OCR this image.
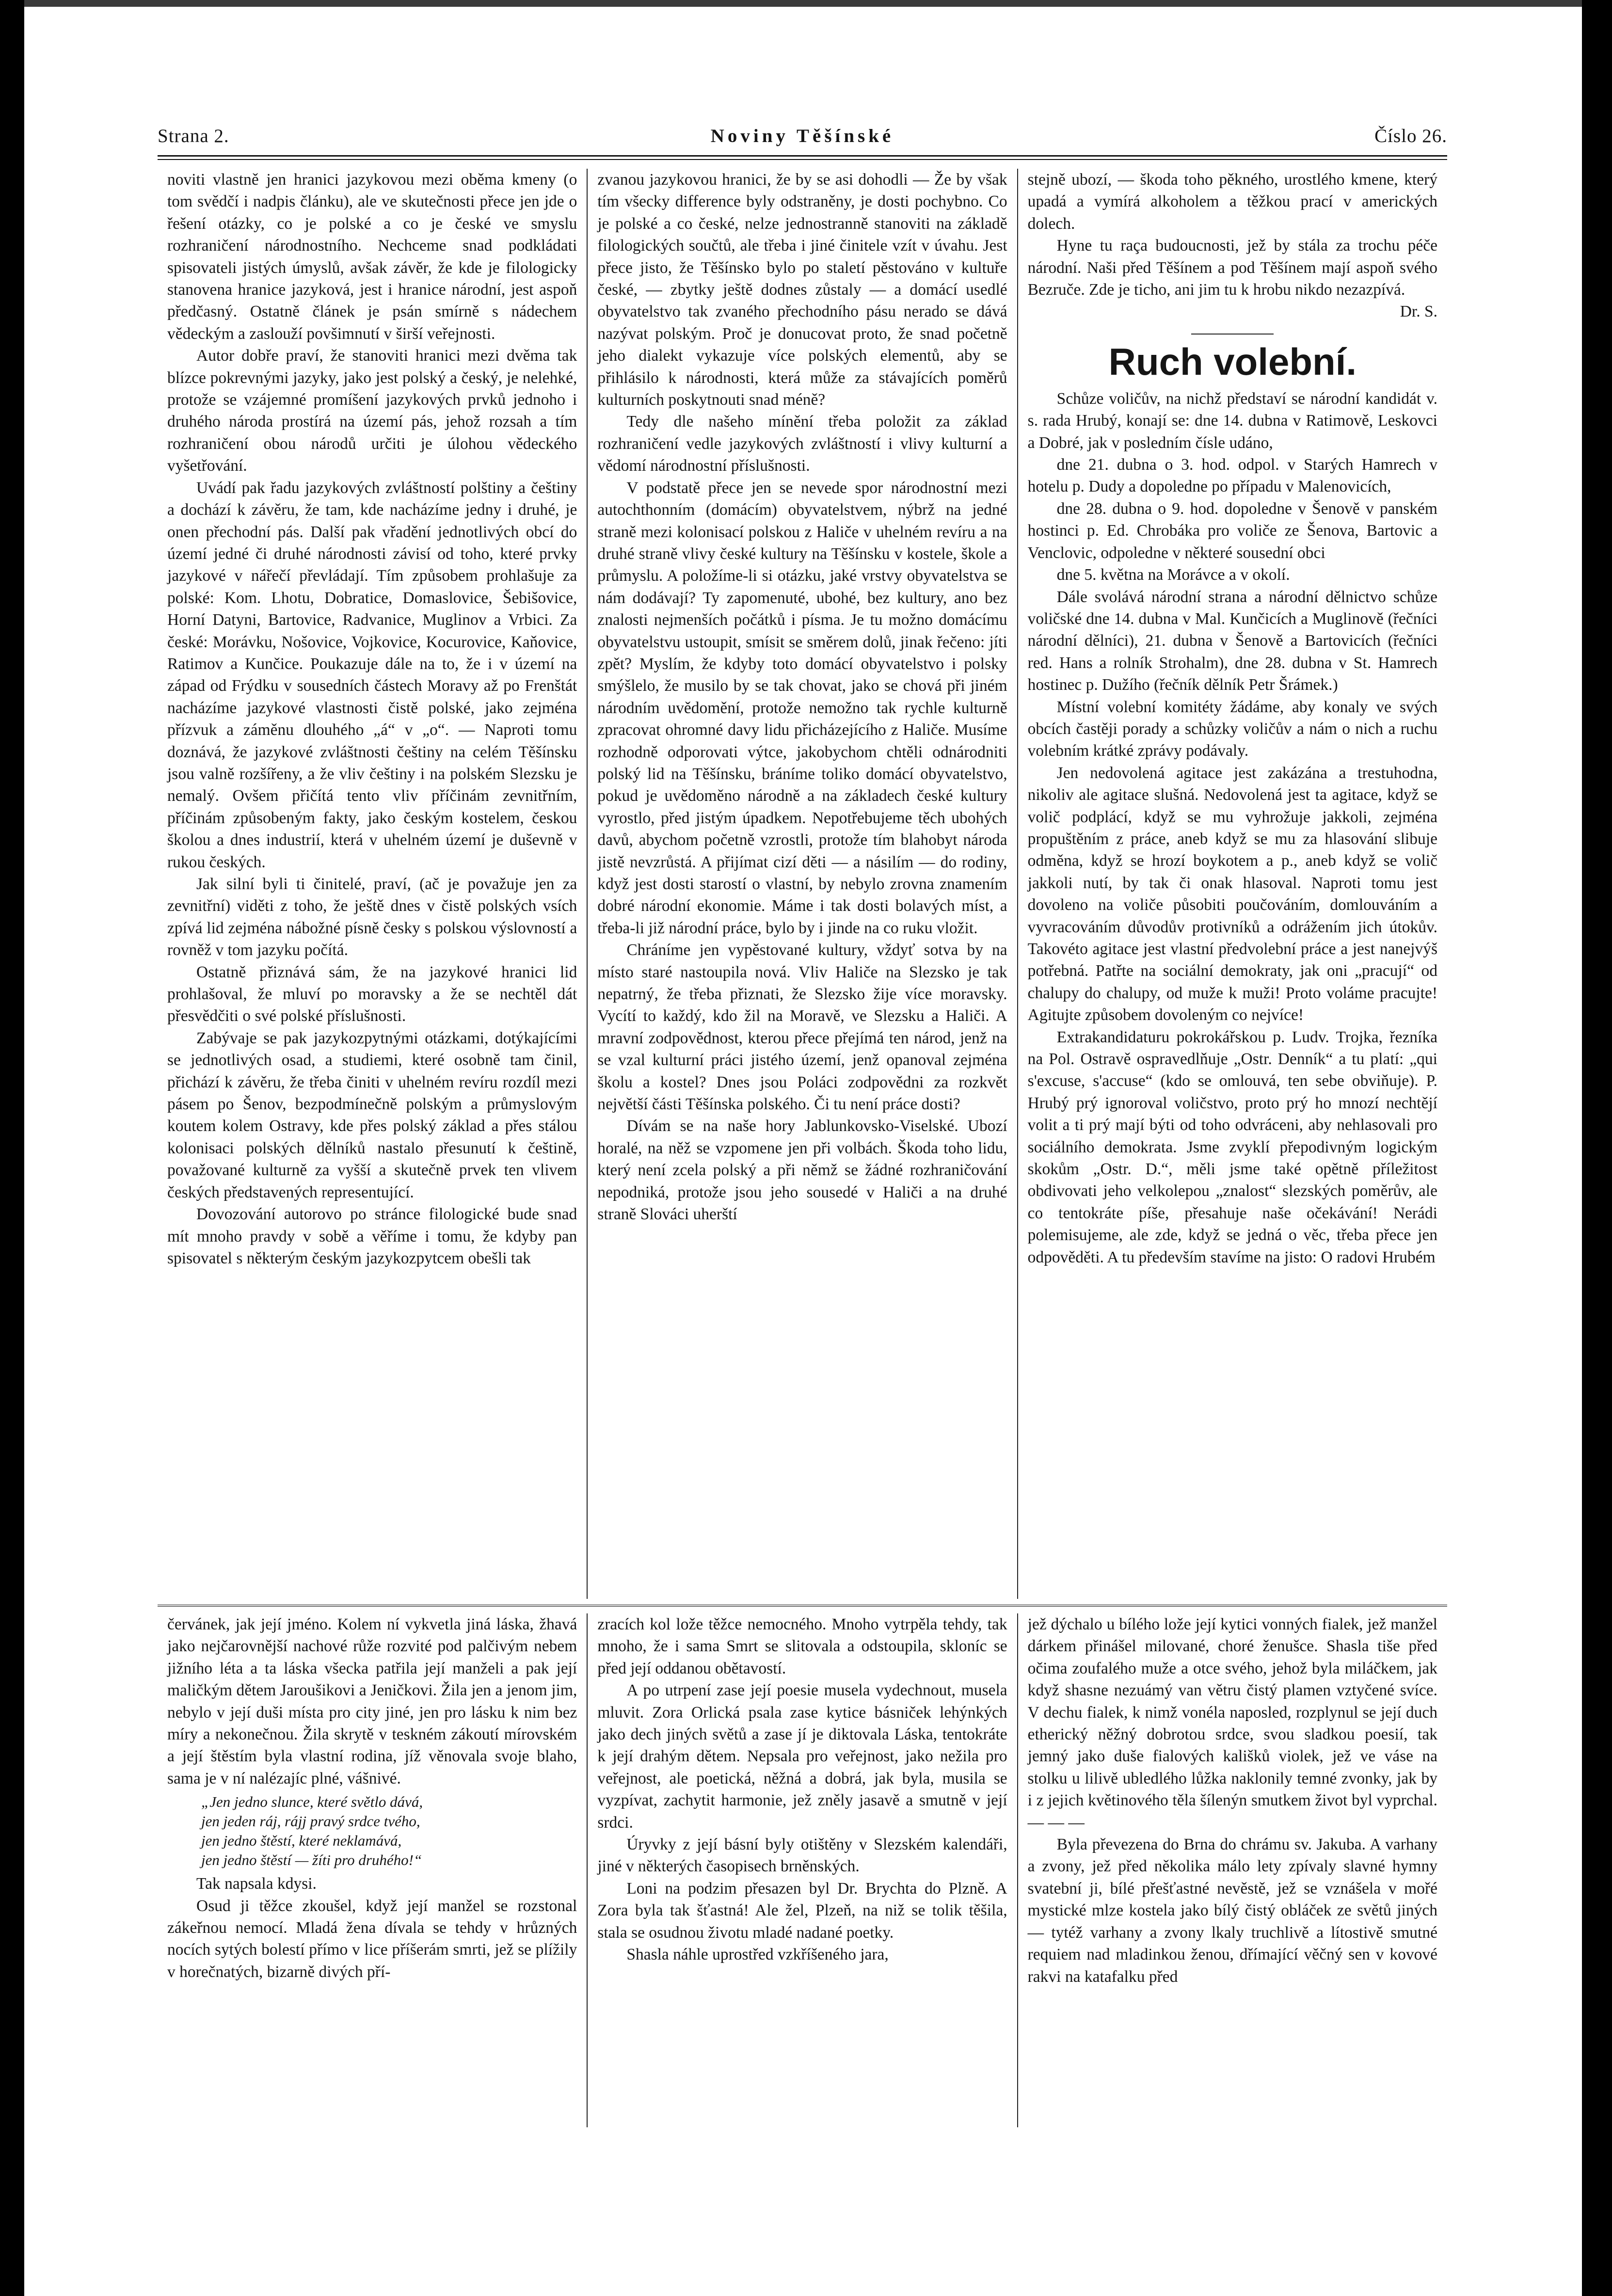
Strana 2.	Noviny Těšínské	Číslo 26.

noviti vlastně jen hranici jazykovou mezi oběma kmeny (o tom svědčí i nadpis článku), ale ve skutečnosti přece jen jde o řešení otázky, co je polské a co je české ve smyslu rozhraničení národnostního. Nechceme snad podkládati spisovateli jistých úmyslů, avšak závěr, že kde je filologicky stanovena hranice jazyková, jest i hranice národní, jest aspoň předčasný. Ostatně článek je psán smírně s nádechem vědeckým a zaslouží povšimnutí v širší veřejnosti.

Autor dobře praví, že stanoviti hranici mezi dvěma tak blízce pokrevnými jazyky, jako jest polský a český, je nelehké, protože se vzájemné promíšení jazykových prvků jednoho i druhého národa prostírá na území pás, jehož rozsah a tím rozhraničení obou národů určiti je úlohou vědeckého vyšetřování.

Uvádí pak řadu jazykových zvláštností polštiny a češtiny a dochází k závěru, že tam, kde nacházíme jedny i druhé, je onen přechodní pás. Další pak vřadění jednotlivých obcí do území jedné či druhé národnosti závisí od toho, které prvky jazykové v nářečí převládají. Tím způsobem prohlašuje za polské: Kom. Lhotu, Dobratice, Domaslovice, Šebišovice, Horní Datyni, Bartovice, Radvanice, Muglinov a Vrbici. Za české: Morávku, Nošovice, Vojkovice, Kocurovice, Kaňovice, Ratimov a Kunčice. Poukazuje dále na to, že i v území na západ od Frýdku v sousedních částech Moravy až po Frenštát nacházíme jazykové vlastnosti čistě polské, jako zejména přízvuk a záměnu dlouhého „á“ v „o“. — Naproti tomu doznává, že jazykové zvláštnosti češtiny na celém Těšínsku jsou valně rozšířeny, a že vliv češtiny i na polském Slezsku je nemalý. Ovšem přičítá tento vliv příčinám zevnitřním, příčinám způsobeným fakty, jako českým kostelem, českou školou a dnes industrií, která v uhelném území je duševně v rukou českých.

Jak silní byli ti činitelé, praví, (ač je považuje jen za zevnitřní) viděti z toho, že ještě dnes v čistě polských vsích zpívá lid zejména nábožné písně česky s polskou výslovností a rovněž v tom jazyku počítá.

Ostatně přiznává sám, že na jazykové hranici lid prohlašoval, že mluví po moravsky a že se nechtěl dát přesvědčiti o své polské příslušnosti.

Zabývaje se pak jazykozpytnými otázkami, dotýkajícími se jednotlivých osad, a studiemi, které osobně tam činil, přichází k závěru, že třeba činiti v uhelném revíru rozdíl mezi pásem po Šenov, bezpodmínečně polským a průmyslovým koutem kolem Ostravy, kde přes polský základ a přes stálou kolonisaci polských dělníků nastalo přesunutí k češtině, považované kulturně za vyšší a skutečně prvek ten vlivem českých představených representující.

Dovozování autorovo po stránce filologické bude snad mít mnoho pravdy v sobě a věříme i tomu, že kdyby pan spisovatel s některým českým jazykozpytcem obešli tak

zvanou jazykovou hranici, že by se asi dohodli — Že by však tím všecky difference byly odstraněny, je dosti pochybno. Co je polské a co české, nelze jednostranně stanoviti na základě filologických součtů, ale třeba i jiné činitele vzít v úvahu. Jest přece jisto, že Těšínsko bylo po staletí pěstováno v kultuře české, — zbytky ještě dodnes zůstaly — a domácí usedlé obyvatelstvo tak zvaného přechodního pásu nerado se dává nazývat polským. Proč je donucovat proto, že snad početně jeho dialekt vykazuje více polských elementů, aby se přihlásilo k národnosti, která může za stávajících poměrů kulturních poskytnouti snad méně?

Tedy dle našeho mínění třeba položit za základ rozhraničení vedle jazykových zvláštností i vlivy kulturní a vědomí národnostní příslušnosti.

V podstatě přece jen se nevede spor národnostní mezi autochthonním (domácím) obyvatelstvem, nýbrž na jedné straně mezi kolonisací polskou z Haliče v uhelném revíru a na druhé straně vlivy české kultury na Těšínsku v kostele, škole a průmyslu. A položíme-li si otázku, jaké vrstvy obyvatelstva se nám dodávají? Ty zapomenuté, ubohé, bez kultury, ano bez znalosti nejmenších počátků i písma. Je tu možno domácímu obyvatelstvu ustoupit, smísit se směrem dolů, jinak řečeno: jíti zpět? Myslím, že kdyby toto domácí obyvatelstvo i polsky smýšlelo, že musilo by se tak chovat, jako se chová při jiném národním uvědomění, protože nemožno tak rychle kulturně zpracovat ohromné davy lidu přicházejícího z Haliče. Musíme rozhodně odporovati výtce, jakobychom chtěli odnárodniti polský lid na Těšínsku, bráníme toliko domácí obyvatelstvo, pokud je uvědoměno národně a na základech české kultury vyrostlo, před jistým úpadkem. Nepotřebujeme těch ubohých davů, abychom početně vzrostli, protože tím blahobyt národa jistě nevzrůstá. A přijímat cizí děti — a násilím — do rodiny, když jest dosti starostí o vlastní, by nebylo zrovna znamením dobré národní ekonomie. Máme i tak dosti bolavých míst, a třeba-li již národní práce, bylo by i jinde na co ruku vložit.

Chráníme jen vypěstované kultury, vždyť sotva by na místo staré nastoupila nová. Vliv Haliče na Slezsko je tak nepatrný, že třeba přiznati, že Slezsko žije více moravsky. Vycítí to každý, kdo žil na Moravě, ve Slezsku a Haliči. A mravní zodpovědnost, kterou přece přejímá ten národ, jenž na se vzal kulturní práci jistého území, jenž opanoval zejména školu a kostel? Dnes jsou Poláci zodpovědni za rozkvět největší části Těšínska polského. Či tu není práce dosti?

Dívám se na naše hory Jablunkovsko-Viselské. Ubozí horalé, na něž se vzpomene jen při volbách. Škoda toho lidu, který není zcela polský a při němž se žádné rozhraničování nepodniká, protože jsou jeho sousedé v Haliči a na druhé straně Slováci uherští

stejně ubozí, — škoda toho pěkného, urostlého kmene, který upadá a vymírá alkoholem a těžkou prací v amerických dolech.

Hyne tu raça budoucnosti, jež by stála za trochu péče národní. Naši před Těšínem a pod Těšínem mají aspoň svého Bezruče. Zde je ticho, ani jim tu k hrobu nikdo nezazpívá.

Dr. S.
Ruch volební.

Schůze voličův, na nichž představí se národní kandidát v. s. rada Hrubý, konají se: dne 14. dubna v Ratimově, Leskovci a Dobré, jak v posledním čísle udáno,

dne 21. dubna o 3. hod. odpol. v Starých Hamrech v hotelu p. Dudy a dopoledne po případu v Malenovicích,

dne 28. dubna o 9. hod. dopoledne v Šenově v panském hostinci p. Ed. Chrobáka pro voliče ze Šenova, Bartovic a Venclovic, odpoledne v některé sousední obci

dne 5. května na Morávce a v okolí.

Dále svolává národní strana a národní dělnictvo schůze voličské dne 14. dubna v Mal. Kunčicích a Muglinově (řečníci národní dělníci), 21. dubna v Šenově a Bartovicích (řečníci red. Hans a rolník Strohalm), dne 28. dubna v St. Hamrech hostinec p. Dužího (řečník dělník Petr Šrámek.)

Místní volební komitéty žádáme, aby konaly ve svých obcích častěji porady a schůzky voličův a nám o nich a ruchu volebním krátké zprávy podávaly.

Jen nedovolená agitace jest zakázána a trestuhodna, nikoliv ale agitace slušná. Nedovolená jest ta agitace, když se volič podplácí, když se mu vyhrožuje jakkoli, zejména propuštěním z práce, aneb když se mu za hlasování slibuje odměna, když se hrozí boykotem a p., aneb když se volič jakkoli nutí, by tak či onak hlasoval. Naproti tomu jest dovoleno na voliče působiti poučováním, domlouváním a vyvracováním důvodův protivníků a odrážením jich útokův. Takovéto agitace jest vlastní předvolební práce a jest nanejvýš potřebná. Patřte na sociální demokraty, jak oni „pracují“ od chalupy do chalupy, od muže k muži! Proto voláme pracujte! Agitujte způsobem dovoleným co nejvíce!

Extrakandidaturu pokrokářskou p. Ludv. Trojka, řezníka na Pol. Ostravě ospravedlňuje „Ostr. Denník“ a tu platí: „qui s'excuse, s'accuse“ (kdo se omlouvá, ten sebe obviňuje). P. Hrubý prý ignoroval voličstvo, proto prý ho mnozí nechtějí volit a ti prý mají býti od toho odvráceni, aby nehlasovali pro sociálního demokrata. Jsme zvyklí přepodivným logickým skokům „Ostr. D.“, měli jsme také opětně příležitost obdivovati jeho velkolepou „znalost“ slezských poměrův, ale co tentokráte píše, přesahuje naše očekávání! Nerádi polemisujeme, ale zde, když se jedná o věc, třeba přece jen odpověděti. A tu především stavíme na jisto: O radovi Hrubém

červánek, jak její jméno. Kolem ní vykvetla jiná láska, žhavá jako nejčarovnější nachové růže rozvité pod palčivým nebem jižního léta a ta láska všecka patřila její manželi a pak její maličkým dětem Jaroušikovi a Jeničkovi. Žila jen a jenom jim, nebylo v její duši místa pro city jiné, jen pro lásku k nim bez míry a nekonečnou. Žila skrytě v teskném zákoutí mírovském a její štěstím byla vlastní rodina, jíž věnovala svoje blaho, sama je v ní nalézajíc plné, vášnivé.

„Jen jedno slunce, které světlo dává,
jen jeden ráj, rájj pravý srdce tvého,
jen jedno štěstí, které neklamává,
jen jedno štěstí — žíti pro druhého!“

Tak napsala kdysi.

Osud ji těžce zkoušel, když její manžel se rozstonal zákeřnou nemocí. Mladá žena dívala se tehdy v hrůzných nocích sytých bolestí přímo v lice příšerám smrti, jež se plížily v horečnatých, bizarně divých pří-

zracích kol lože těžce nemocného. Mnoho vytrpěla tehdy, tak mnoho, že i sama Smrt se slitovala a odstoupila, skloníc se před její oddanou obětavostí.

A po utrpení zase její poesie musela vydechnout, musela mluvit. Zora Orlická psala zase kytice básniček lehýnkých jako dech jiných světů a zase jí je diktovala Láska, tentokráte k její drahým dětem. Nepsala pro veřejnost, jako nežila pro veřejnost, ale poetická, něžná a dobrá, jak byla, musila se vyzpívat, zachytit harmonie, jež zněly jasavě a smutně v její srdci.

Úryvky z její básní byly otištěny v Slezském kalendáři, jiné v některých časopisech brněnských.

Loni na podzim přesazen byl Dr. Brychta do Plzně. A Zora byla tak šťastná! Ale žel, Plzeň, na niž se tolik těšila, stala se osudnou životu mladé nadané poetky.

Shasla náhle uprostřed vzkříšeného jara,

jež dýchalo u bílého lože její kytici vonných fialek, jež manžel dárkem přinášel milované, choré ženušce. Shasla tiše před očima zoufalého muže a otce svého, jehož byla miláčkem, jak když shasne nezuámý van větru čistý plamen vztyčené svíce. V dechu fialek, k nimž vonéla naposled, rozplynul se její duch etherický něžný dobrotou srdce, svou sladkou poesií, tak jemný jako duše fialových kališků violek, jež ve váse na stolku u lilivě ubledlého lůžka naklonily temné zvonky, jak by i z jejich květinového těla šílenýn smutkem život byl vyprchal. — — —

Byla převezena do Brna do chrámu sv. Jakuba. A varhany a zvony, jež před několika málo lety zpívaly slavné hymny svatební ji, bílé přešťastné nevěstě, jež se vznášela v mořé mystické mlze kostela jako bílý čistý obláček ze světů jiných — tytéž varhany a zvony lkaly truchlivě a lítostivě smutné requiem nad mladinkou ženou, dřímající věčný sen v kovové rakvi na katafalku před
